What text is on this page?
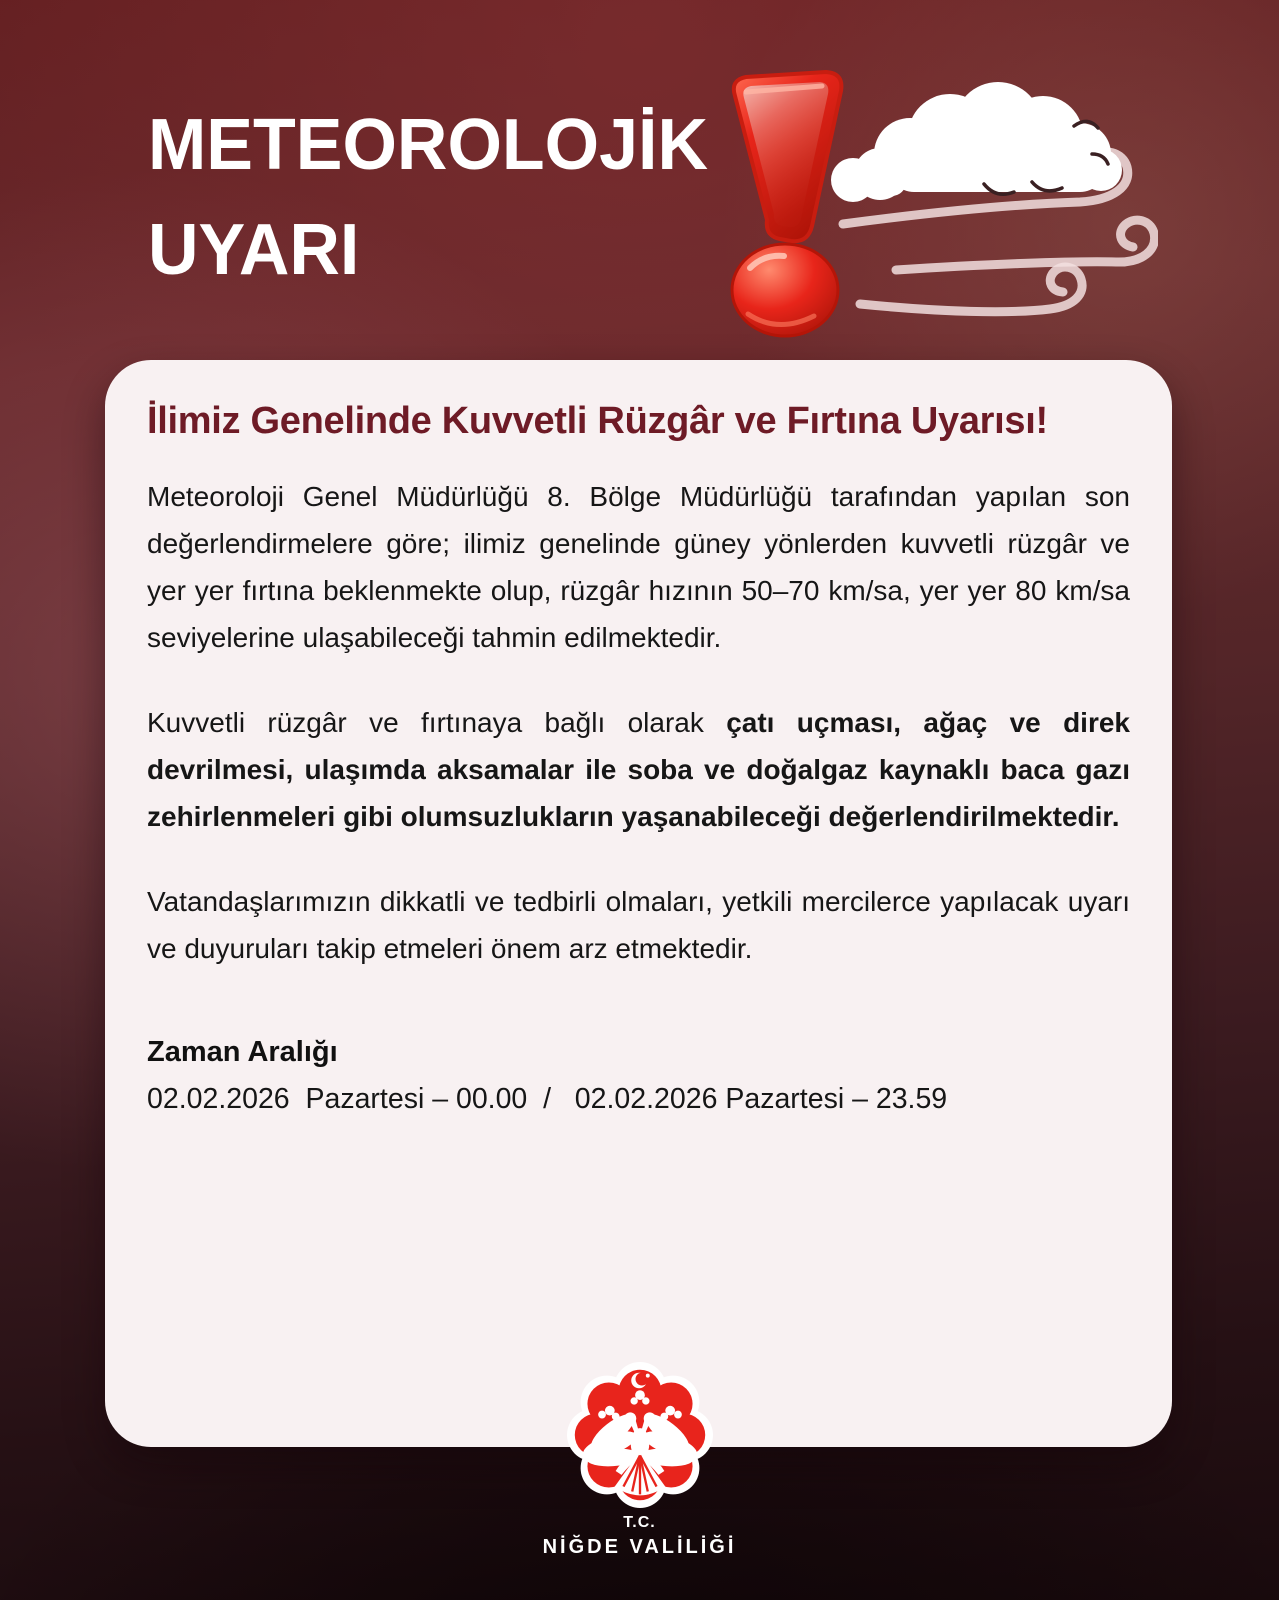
METEOROLOJİK
UYARI
İlimiz Genelinde Kuvvetli Rüzgâr ve Fırtına Uyarısı!

Meteoroloji Genel Müdürlüğü 8. Bölge Müdürlüğü tarafından yapılan son değerlendirmelere göre; ilimiz genelinde güney yönlerden kuvvetli rüzgâr ve yer yer fırtına beklenmekte olup, rüzgâr hızının 50–70 km/sa, yer yer 80 km/sa seviyelerine ulaşabileceği tahmin edilmektedir.

Kuvvetli rüzgâr ve fırtınaya bağlı olarak çatı uçması, ağaç ve direk devrilmesi, ulaşımda aksamalar ile soba ve doğalgaz kaynaklı baca gazı zehirlenmeleri gibi olumsuzlukların yaşanabileceği değerlendirilmektedir.

Vatandaşlarımızın dikkatli ve tedbirli olmaları, yetkili mercilerce yapılacak uyarı ve duyuruları takip etmeleri önem arz etmektedir.

Zaman Aralığı
02.02.2026  Pazartesi – 00.00  /   02.02.2026 Pazartesi – 23.59
T.C.
NİĞDE VALİLİĞİ
